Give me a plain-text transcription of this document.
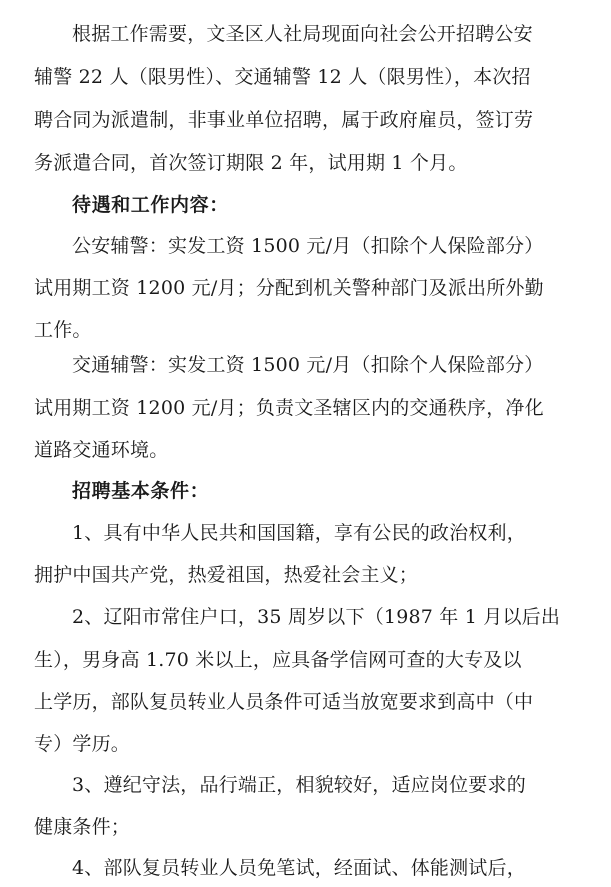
根据工作需要，文圣区人社局现面向社会公开招聘公安
辅警 22 人（限男性）、交通辅警 12 人（限男性），本次招
聘合同为派遣制，非事业单位招聘，属于政府雇员，签订劳
务派遣合同，首次签订期限 2 年，试用期 1 个月。
待遇和工作内容：
公安辅警：实发工资 1500 元/月（扣除个人保险部分）
试用期工资 1200 元/月；分配到机关警种部门及派出所外勤
工作。
交通辅警：实发工资 1500 元/月（扣除个人保险部分）
试用期工资 1200 元/月；负责文圣辖区内的交通秩序，净化
道路交通环境。
招聘基本条件：
1、具有中华人民共和国国籍，享有公民的政治权利，
拥护中国共产党，热爱祖国，热爱社会主义；
2、辽阳市常住户口，35 周岁以下（1987 年 1 月以后出
生），男身高 1.70 米以上，应具备学信网可查的大专及以
上学历，部队复员转业人员条件可适当放宽要求到高中（中
专）学历。
3、遵纪守法，品行端正，相貌较好，适应岗位要求的
健康条件；
4、部队复员转业人员免笔试，经面试、体能测试后，
